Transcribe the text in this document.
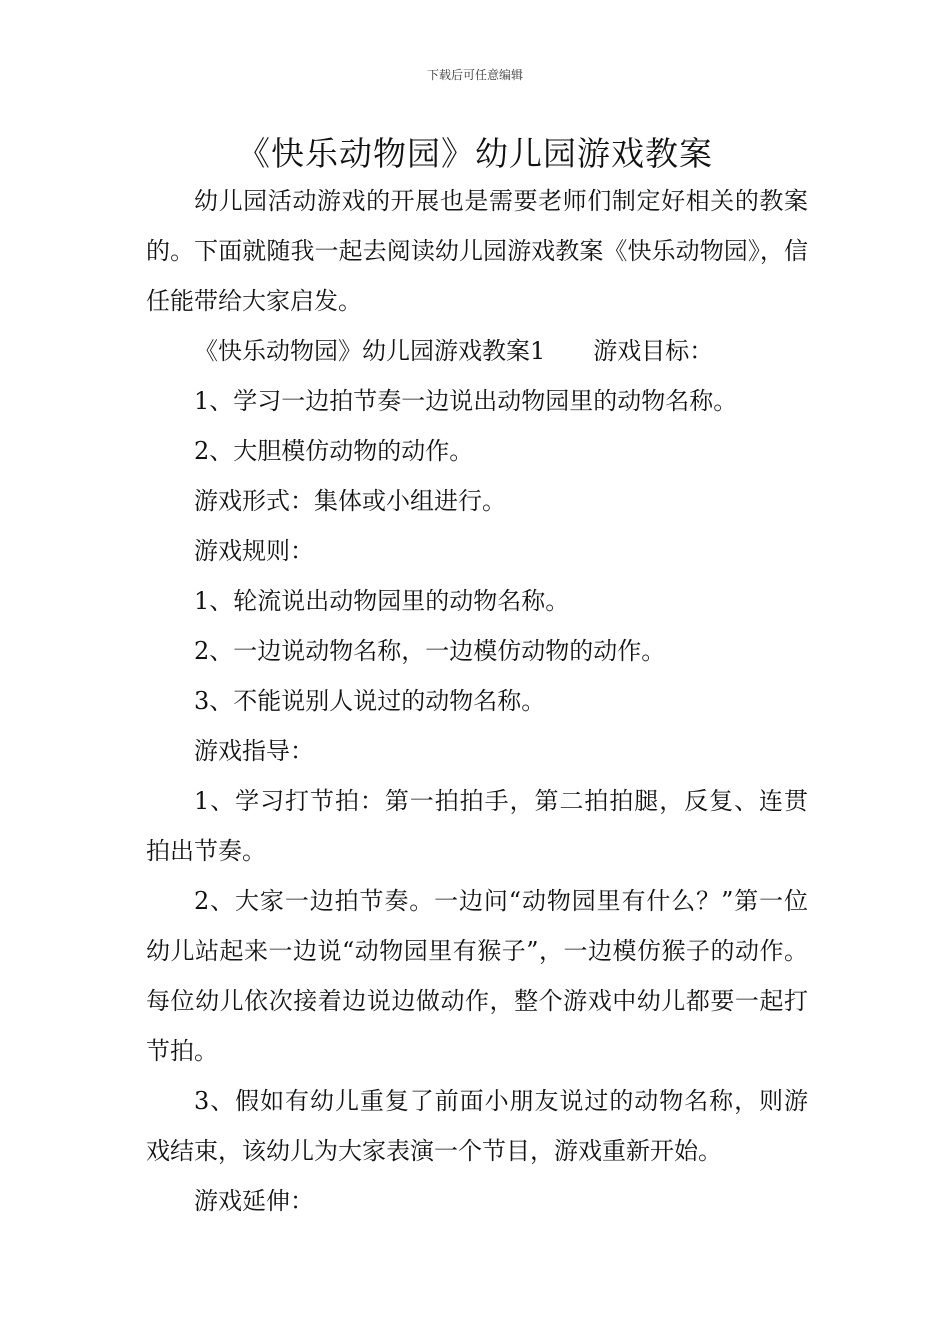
下载后可任意编辑
《快乐动物园》幼儿园游戏教案

幼儿园活动游戏的开展也是需要老师们制定好相关的教案的。下面就随我一起去阅读幼儿园游戏教案《快乐动物园》，信任能带给大家启发。

《快乐动物园》幼儿园游戏教案1 游戏目标：

1、学习一边拍节奏一边说出动物园里的动物名称。

2、大胆模仿动物的动作。

游戏形式：集体或小组进行。

游戏规则：

1、轮流说出动物园里的动物名称。

2、一边说动物名称，一边模仿动物的动作。

3、不能说别人说过的动物名称。

游戏指导：

1、学习打节拍：第一拍拍手，第二拍拍腿，反复、连贯拍出节奏。

2、大家一边拍节奏。一边问“动物园里有什么？”第一位幼儿站起来一边说“动物园里有猴子”，一边模仿猴子的动作。每位幼儿依次接着边说边做动作，整个游戏中幼儿都要一起打节拍。

3、假如有幼儿重复了前面小朋友说过的动物名称，则游戏结束，该幼儿为大家表演一个节目，游戏重新开始。

游戏延伸：
